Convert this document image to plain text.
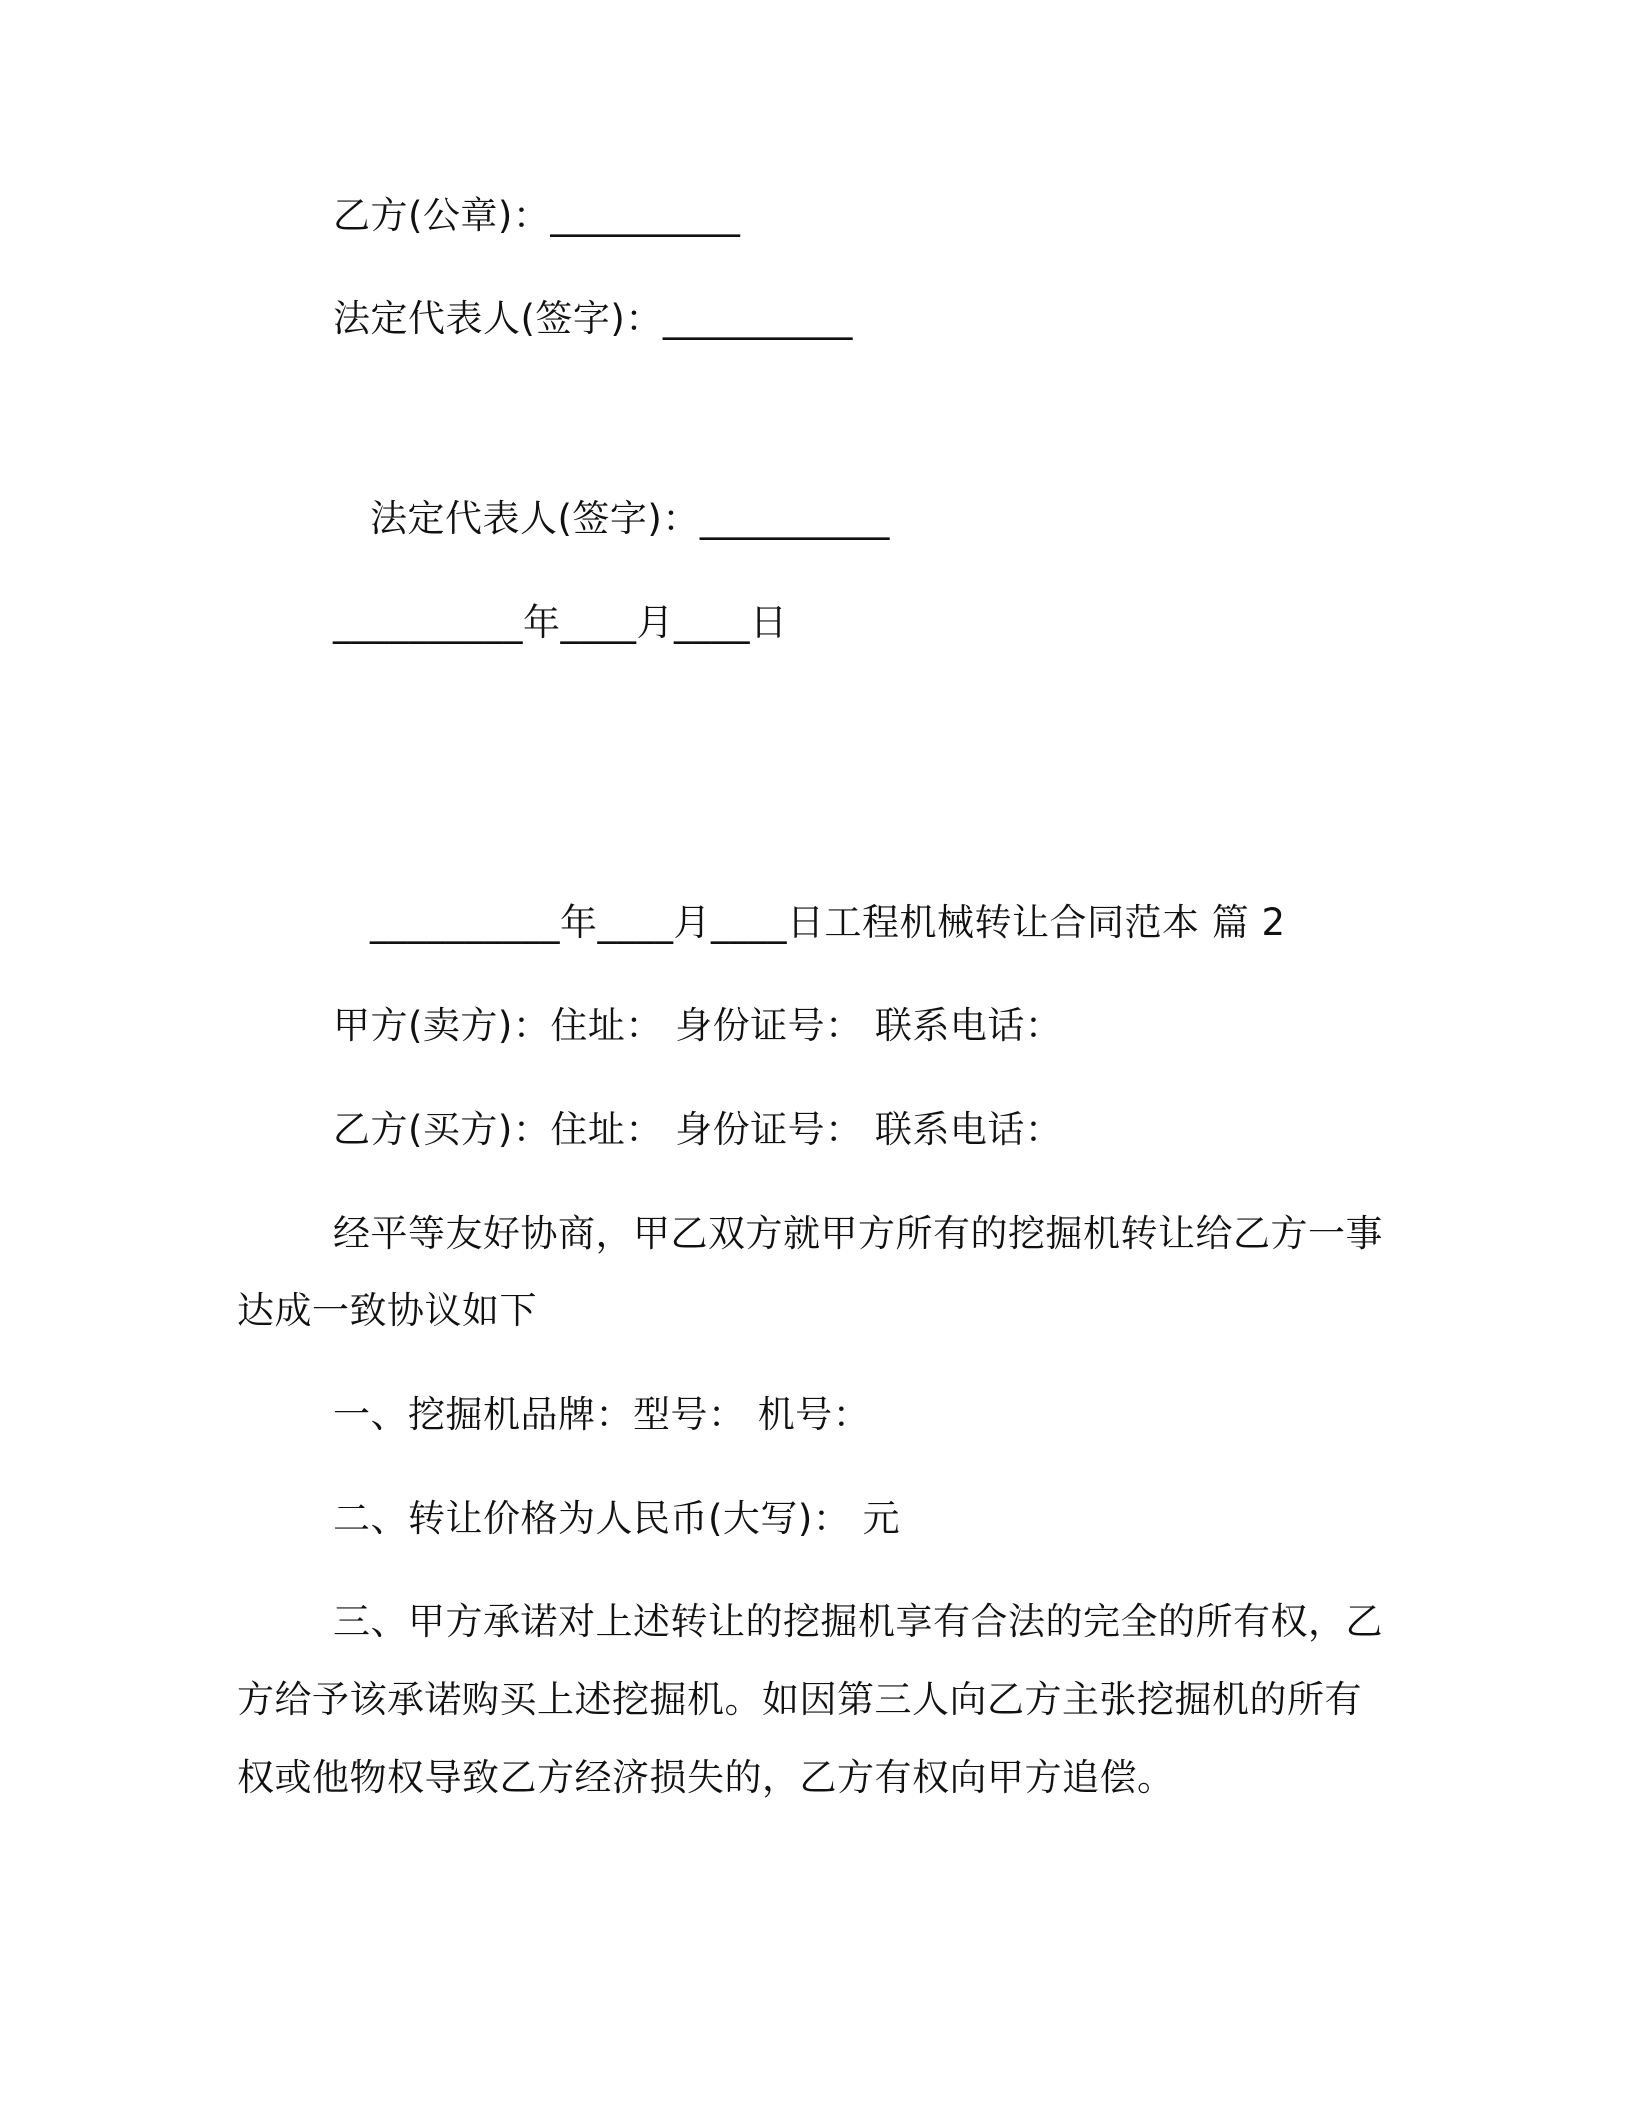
乙方(公章)：__________
法定代表人(签字)：__________
法定代表人(签字)：__________
__________年____月____日
__________年____月____日工程机械转让合同范本 篇 2
甲方(卖方)：住址： 身份证号： 联系电话：
乙方(买方)：住址： 身份证号： 联系电话：
经平等友好协商，甲乙双方就甲方所有的挖掘机转让给乙方一事
达成一致协议如下
一、挖掘机品牌：型号： 机号：
二、转让价格为人民币(大写)： 元
三、甲方承诺对上述转让的挖掘机享有合法的完全的所有权，乙
方给予该承诺购买上述挖掘机。如因第三人向乙方主张挖掘机的所有
权或他物权导致乙方经济损失的，乙方有权向甲方追偿。
